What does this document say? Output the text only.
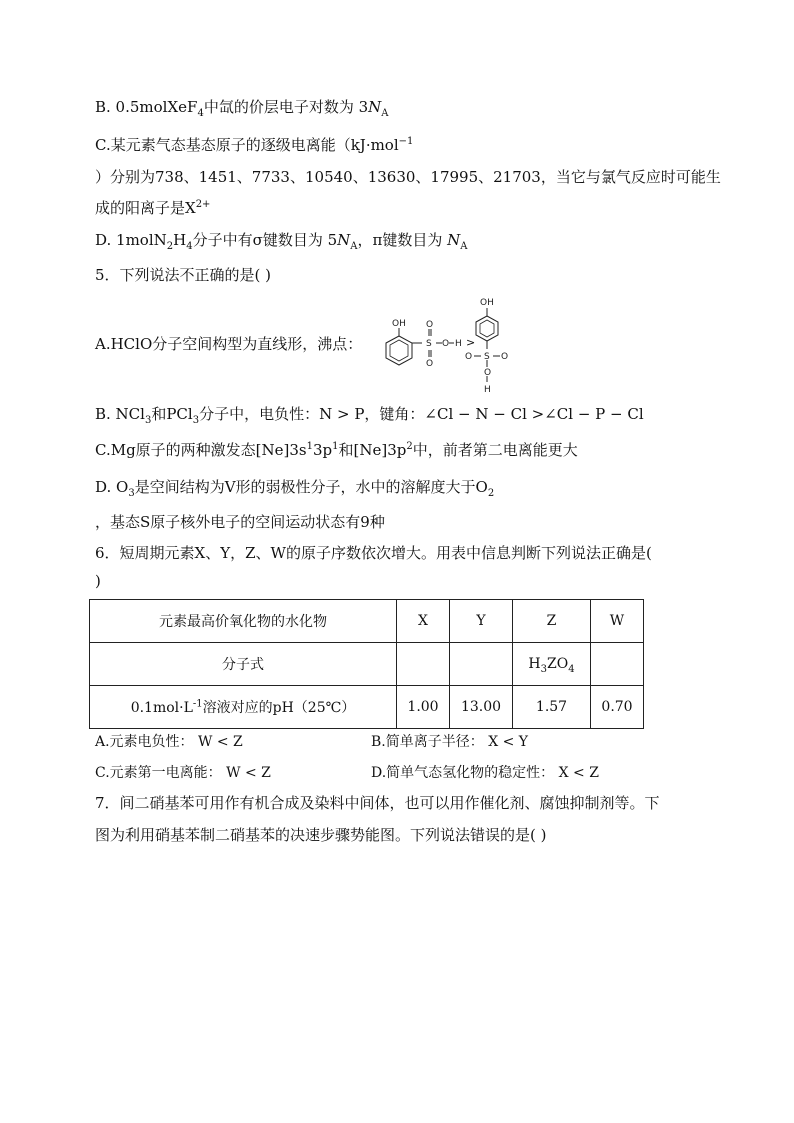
B. 0.5molXeF$_4$中氙的价层电子对数为 $3N_A$
C.某元素气态基态原子的逐级电离能（kJ·mol$^{-1}$
）分别为738、1451、7733、10540、13630、17995、21703，当它与氯气反应时可能生
成的阳离子是$X^{2+}$
D. $1molN_2H_4$分子中有σ键数目为 $5N_A$，π键数目为 $N_A$
5．下列说法不正确的是( )
A.HClO分子空间构型为直线形，沸点：
OH
S
O
O
O H >
OH
S
O	O
O
H
B. NCl$_3$和PCl$_3$分子中，电负性：N > P，键角：∠Cl − N − Cl >∠Cl − P − Cl
C.Mg原子的两种激发态$[Ne]3s^13p^1$和$[Ne]3p^2$中，前者第二电离能更大
D. $O_3$是空间结构为V形的弱极性分子，水中的溶解度大于$O_2$
，基态S原子核外电子的空间运动状态有9种
6．短周期元素X、Y，Z、W的原子序数依次增大。用表中信息判断下列说法正确是(
)
元素最高价氧化物的水化物	X	Y	Z	W
分子式			$H_3ZO_4$	
$0.1mol\cdot L^{-1}$溶液对应的pH（25℃）	1.00	13.00	1.57	0.70
A.元素电负性： W < Z	B.简单离子半径： X < Y
C.元素第一电离能： W < Z	D.简单气态氢化物的稳定性： X < Z
7．间二硝基苯可用作有机合成及染料中间体，也可以用作催化剂、腐蚀抑制剂等。下
图为利用硝基苯制二硝基苯的决速步骤势能图。下列说法错误的是( )
